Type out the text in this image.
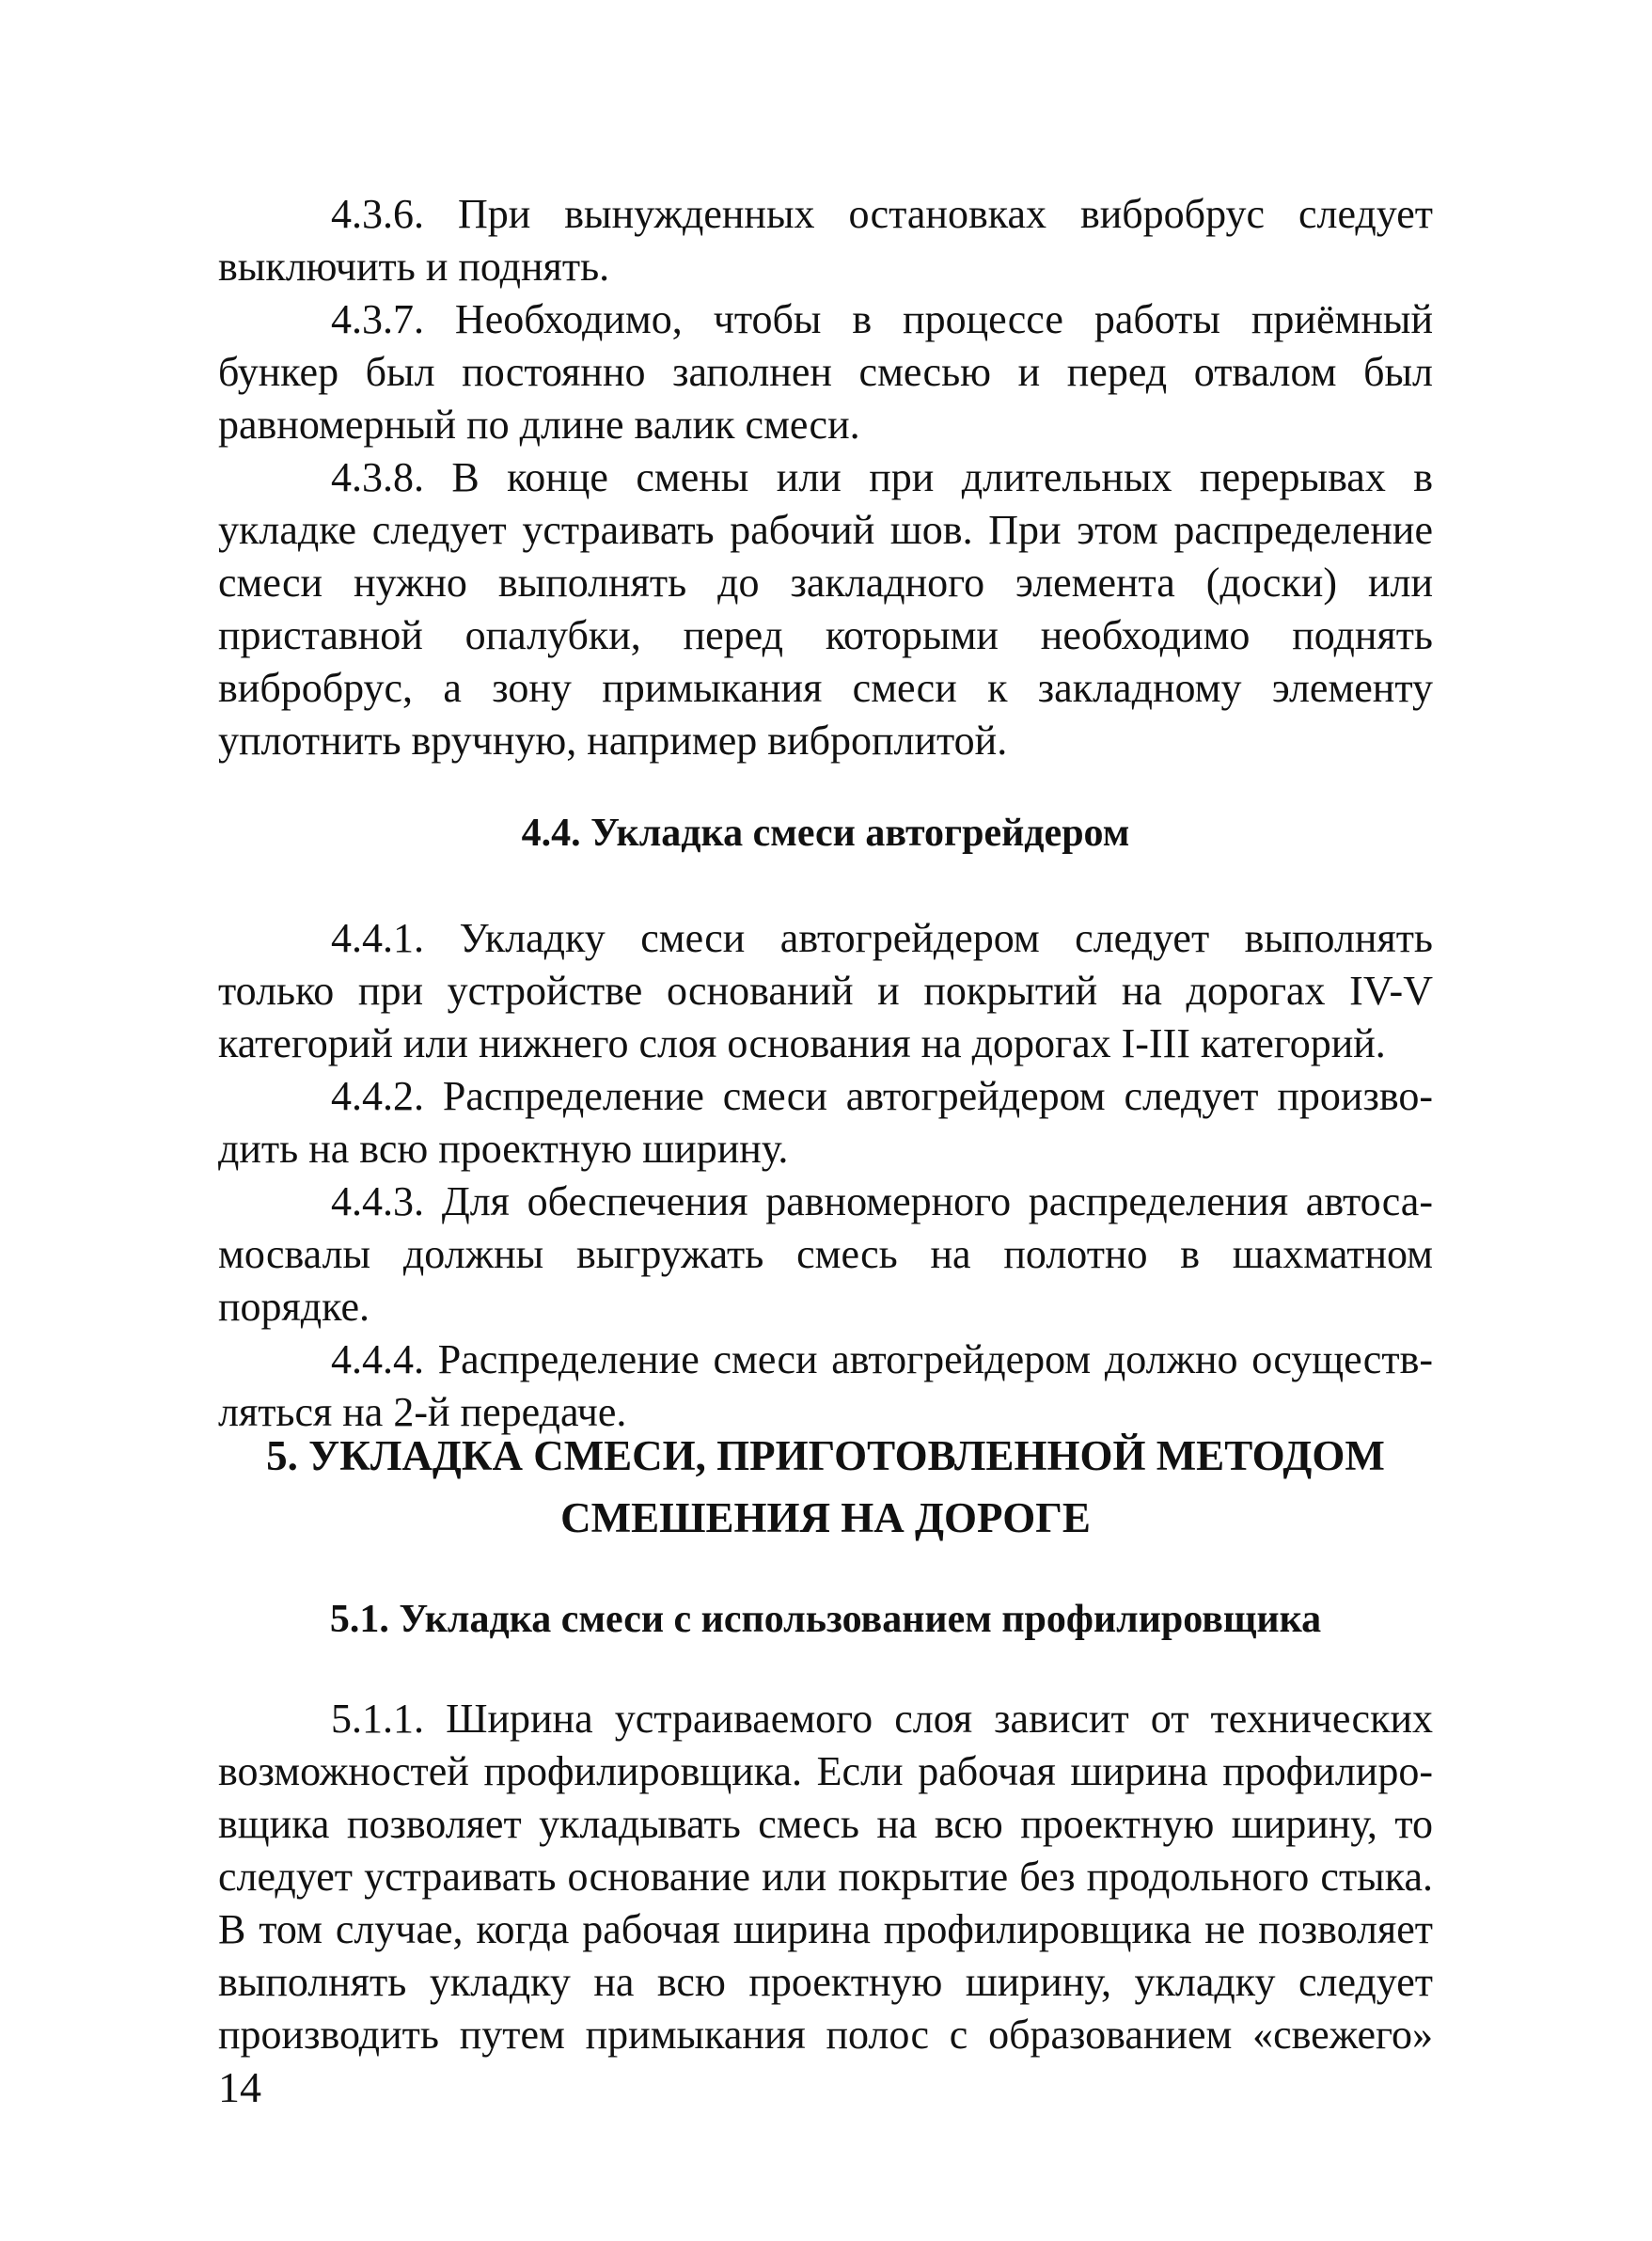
4.3.6. При вынужденных остановках вибробрус следует выключить и поднять.

4.3.7. Необходимо, чтобы в процессе работы приёмный бункер был постоянно заполнен смесью и перед отвалом был равномерный по длине валик смеси.

4.3.8. В конце смены или при длительных перерывах в укладке следует устраивать рабочий шов. При этом распределение смеси нужно выполнять до закладного элемента (доски) или приставной опалубки, перед которыми необходимо поднять вибробрус, а зону примыкания смеси к закладному элементу уплотнить вручную, например виброплитой.

4.4. Укладка смеси автогрейдером

4.4.1. Укладку смеси автогрейдером следует выполнять только при устройстве оснований и покрытий на дорогах IV-V категорий или нижнего слоя основания на дорогах I-III категорий.

4.4.2. Распределение смеси автогрейдером следует производить на всю проектную ширину.

4.4.3. Для обеспечения равномерного распределения автосамосвалы должны выгружать смесь на полотно в шахматном порядке.

4.4.4. Распределение смеси автогрейдером должно осуществляться на 2-й передаче.

5. УКЛАДКА СМЕСИ, ПРИГОТОВЛЕННОЙ МЕТОДОМ
СМЕШЕНИЯ НА ДОРОГЕ
5.1. Укладка смеси с использованием профилировщика

5.1.1. Ширина устраиваемого слоя зависит от технических возможностей профилировщика. Если рабочая ширина профилировщика позволяет укладывать смесь на всю проектную ширину, то следует устраивать основание или покрытие без продольного стыка. В том случае, когда рабочая ширина профилировщика не позволяет выполнять укладку на всю проектную ширину, укладку следует производить путем примыкания полос с образованием «свежего»

14
